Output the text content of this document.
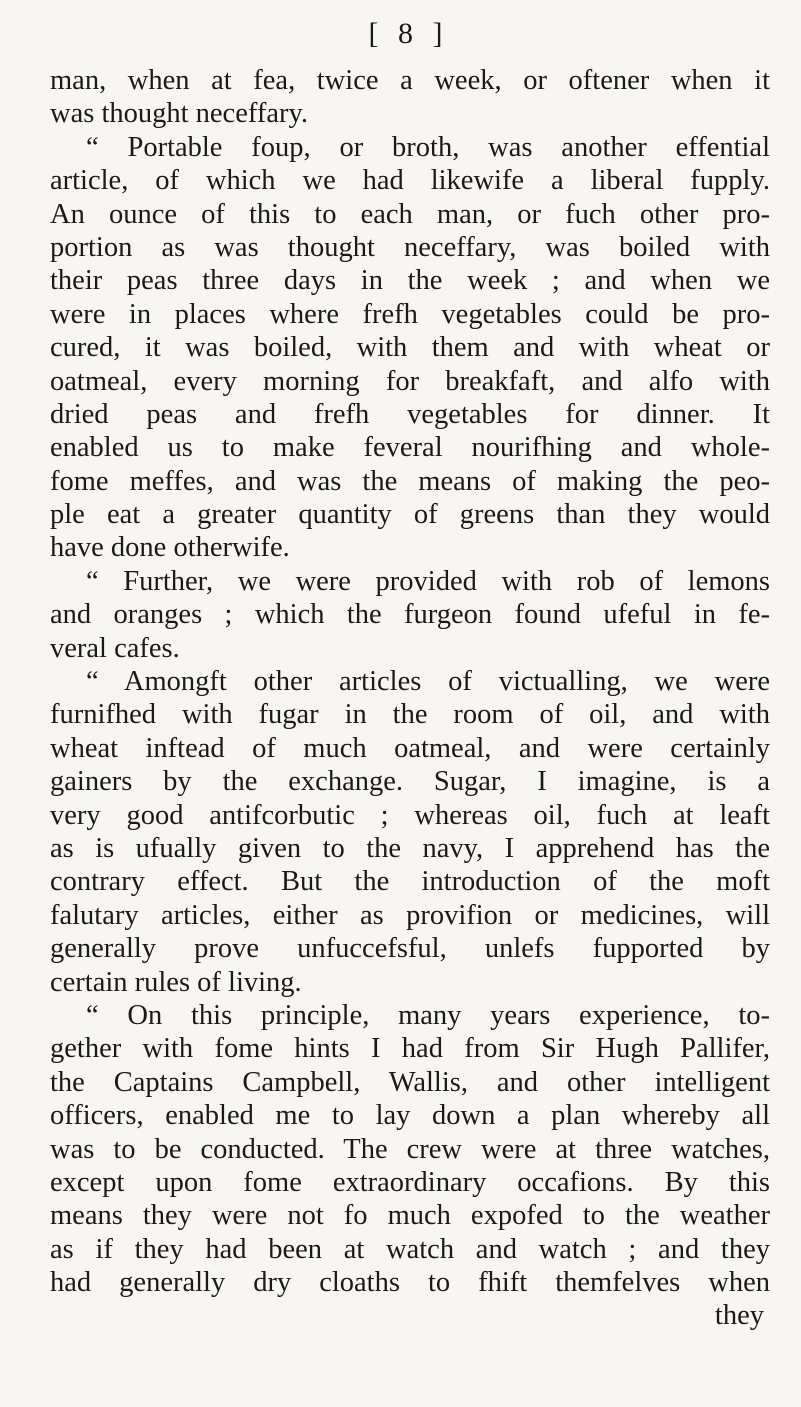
[ 8 ]
man, when at fea, twice a week, or oftener when it
was thought neceffary.
“ Portable foup, or broth, was another effential
article, of which we had likewife a liberal fupply.
An ounce of this to each man, or fuch other pro-
portion as was thought neceffary, was boiled with
their peas three days in the week ; and when we
were in places where frefh vegetables could be pro-
cured, it was boiled, with them and with wheat or
oatmeal, every morning for breakfaft, and alfo with
dried peas and frefh vegetables for dinner. It
enabled us to make feveral nourifhing and whole-
fome meffes, and was the means of making the peo-
ple eat a greater quantity of greens than they would
have done otherwife.
“ Further, we were provided with rob of lemons
and oranges ; which the furgeon found ufeful in fe-
veral cafes.
“ Amongft other articles of victualling, we were
furnifhed with fugar in the room of oil, and with
wheat inftead of much oatmeal, and were certainly
gainers by the exchange. Sugar, I imagine, is a
very good antifcorbutic ; whereas oil, fuch at leaft
as is ufually given to the navy, I apprehend has the
contrary effect. But the introduction of the moft
falutary articles, either as provifion or medicines, will
generally prove unfuccefsful, unlefs fupported by
certain rules of living.
“ On this principle, many years experience, to-
gether with fome hints I had from Sir Hugh Pallifer,
the Captains Campbell, Wallis, and other intelligent
officers, enabled me to lay down a plan whereby all
was to be conducted. The crew were at three watches,
except upon fome extraordinary occafions. By this
means they were not fo much expofed to the weather
as if they had been at watch and watch ; and they
had generally dry cloaths to fhift themfelves when
they
